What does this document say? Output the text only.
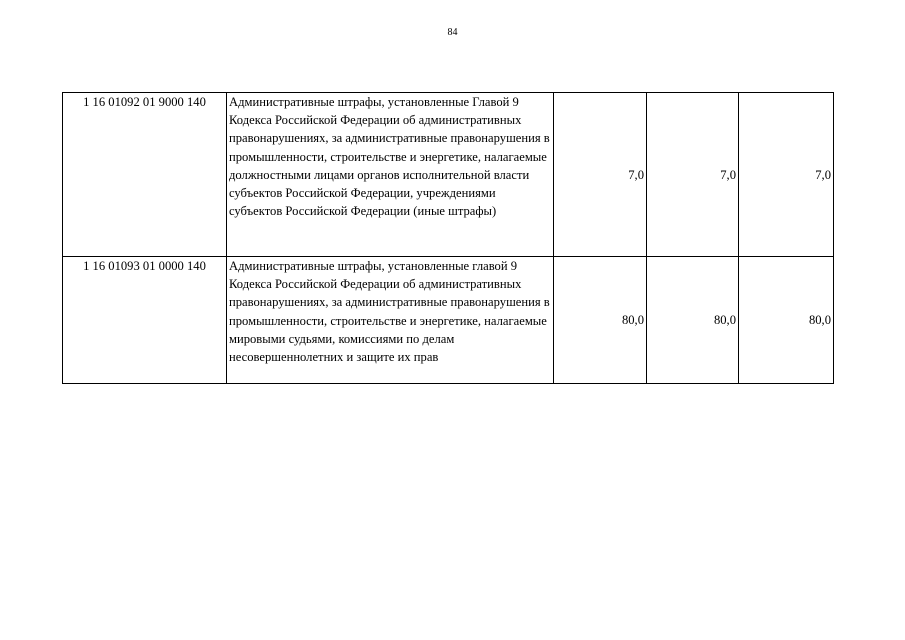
84
1 16 01092 01 9000 140	Административные штрафы, установленные Главой 9 Кодекса Российской Федерации об административных правонарушениях, за административные правонарушения в промышленности, строительстве и энергетике, налагаемые должностными лицами органов исполнительной власти субъектов Российской Федерации, учреждениями субъектов Российской Федерации (иные штрафы)	7,0	7,0	7,0
1 16 01093 01 0000 140	Административные штрафы, установленные главой 9 Кодекса Российской Федерации об административных правонарушениях, за административные правонарушения в промышленности, строительстве и энергетике, налагаемые мировыми судьями, комиссиями по делам несовершеннолетних и защите их прав	80,0	80,0	80,0
